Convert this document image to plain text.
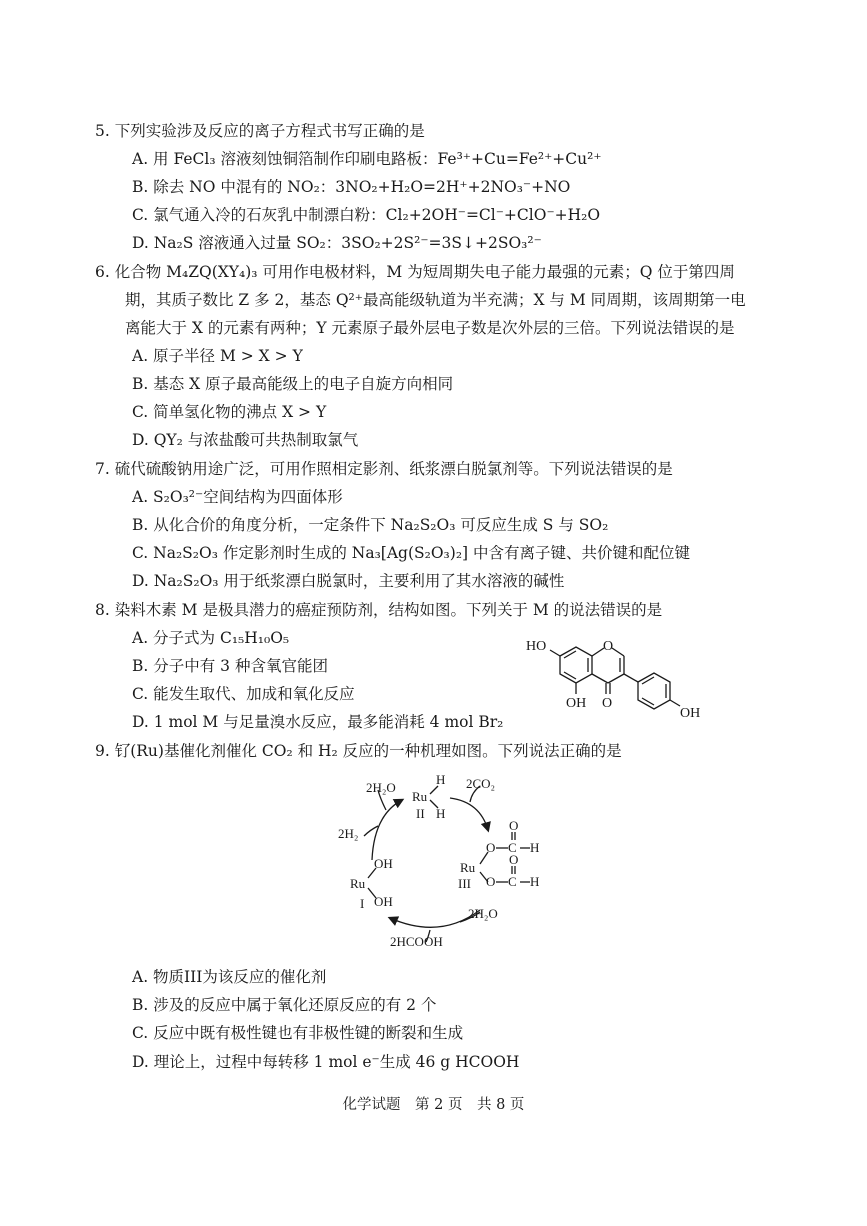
5. 下列实验涉及反应的离子方程式书写正确的是
A. 用 FeCl₃ 溶液刻蚀铜箔制作印刷电路板：Fe³⁺+Cu=Fe²⁺+Cu²⁺
B. 除去 NO 中混有的 NO₂：3NO₂+H₂O=2H⁺+2NO₃⁻+NO
C. 氯气通入冷的石灰乳中制漂白粉：Cl₂+2OH⁻=Cl⁻+ClO⁻+H₂O
D. Na₂S 溶液通入过量 SO₂：3SO₂+2S²⁻=3S↓+2SO₃²⁻
6. 化合物 M₄ZQ(XY₄)₃ 可用作电极材料，M 为短周期失电子能力最强的元素；Q 位于第四周
期，其质子数比 Z 多 2，基态 Q²⁺最高能级轨道为半充满；X 与 M 同周期，该周期第一电
离能大于 X 的元素有两种；Y 元素原子最外层电子数是次外层的三倍。下列说法错误的是
A. 原子半径 M > X > Y
B. 基态 X 原子最高能级上的电子自旋方向相同
C. 简单氢化物的沸点 X > Y
D. QY₂ 与浓盐酸可共热制取氯气
7. 硫代硫酸钠用途广泛，可用作照相定影剂、纸浆漂白脱氯剂等。下列说法错误的是
A. S₂O₃²⁻空间结构为四面体形
B. 从化合价的角度分析，一定条件下 Na₂S₂O₃ 可反应生成 S 与 SO₂
C. Na₂S₂O₃ 作定影剂时生成的 Na₃[Ag(S₂O₃)₂] 中含有离子键、共价键和配位键
D. Na₂S₂O₃ 用于纸浆漂白脱氯时，主要利用了其水溶液的碱性
8. 染料木素 M 是极具潜力的癌症预防剂，结构如图。下列关于 M 的说法错误的是
A. 分子式为 C₁₅H₁₀O₅
B. 分子中有 3 种含氧官能团
C. 能发生取代、加成和氧化反应
D. 1 mol M 与足量溴水反应，最多能消耗 4 mol Br₂
HO	O
O
OH
OH
9. 钌(Ru)基催化剂催化 CO₂ 和 H₂ 反应的一种机理如图。下列说法正确的是
2H₂O	2CO₂
2H₂
2H₂O
2HCOOH
Ru
H
H
II
Ru
O C H
O
O C H
O
III
Ru
OH
OH
I
A. 物质III为该反应的催化剂
B. 涉及的反应中属于氧化还原反应的有 2 个
C. 反应中既有极性键也有非极性键的断裂和生成
D. 理论上，过程中每转移 1 mol e⁻生成 46 g HCOOH
化学试题　第 2 页　共 8 页
